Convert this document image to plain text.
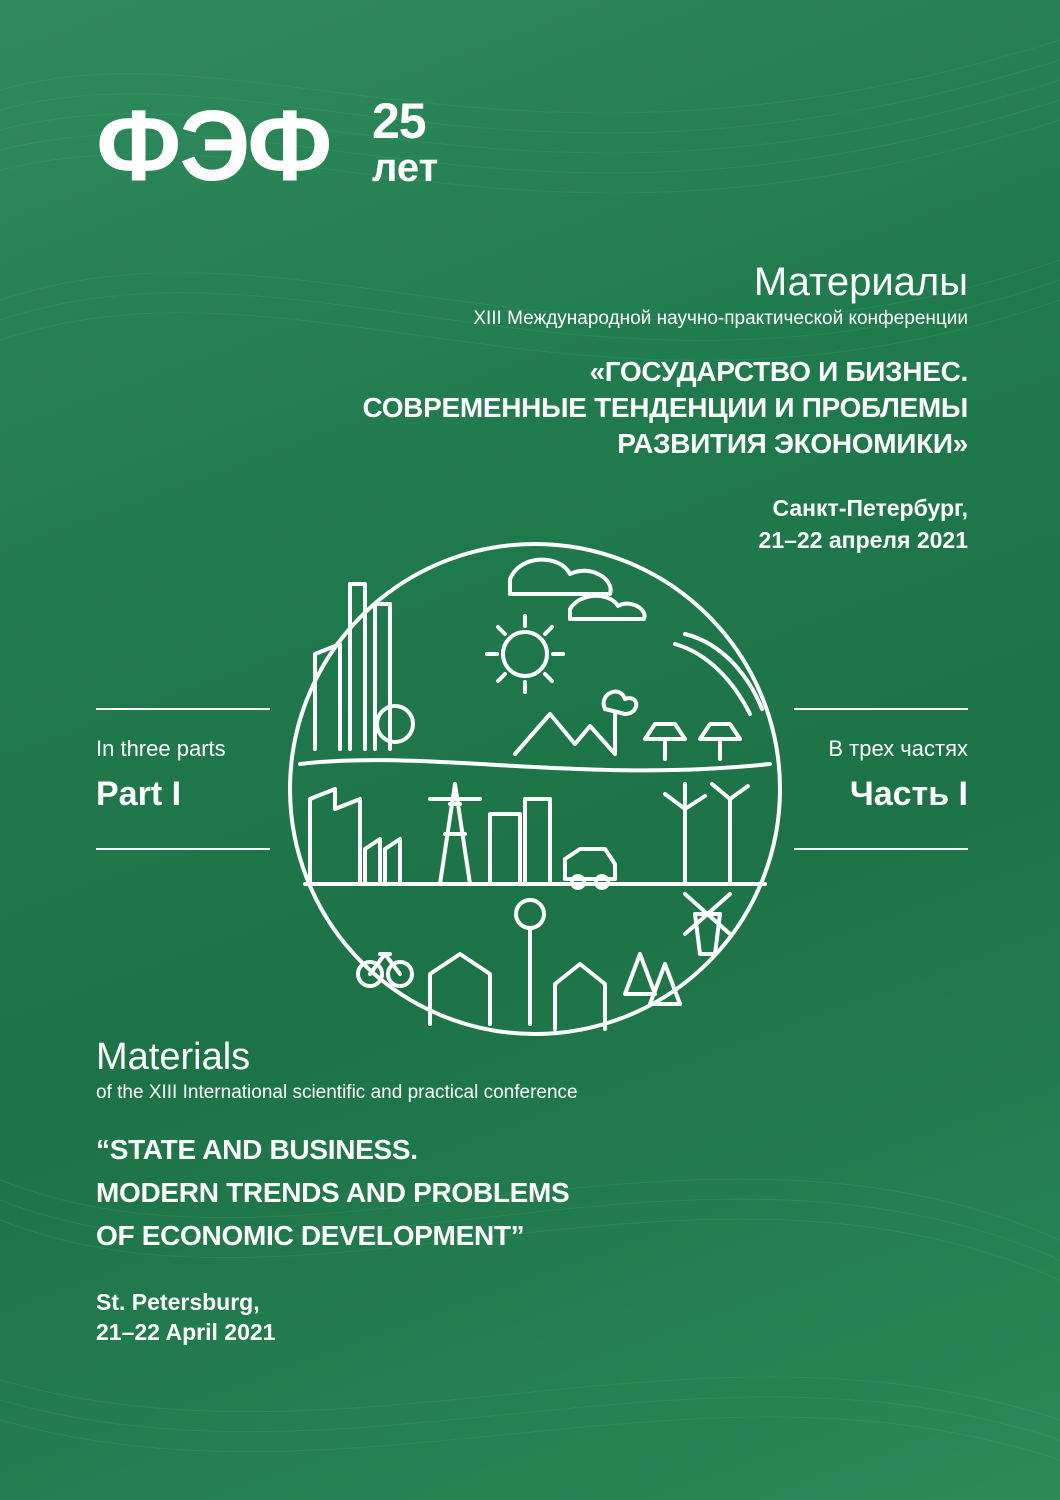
ФЭФ 25
лет

Материалы

XIII Международной научно-практической конференции

«ГОСУДАРСТВО И БИЗНЕС.
СОВРЕМЕННЫЕ ТЕНДЕНЦИИ И ПРОБЛЕМЫ
РАЗВИТИЯ ЭКОНОМИКИ»

Санкт-Петербург,
21–22 апреля 2021

In three parts
Part I
В трех частях
Часть I

Materials

of the XIII International scientific and practical conference

“STATE AND BUSINESS.
MODERN TRENDS AND PROBLEMS
OF ECONOMIC DEVELOPMENT”

St. Petersburg,
21–22 April 2021
